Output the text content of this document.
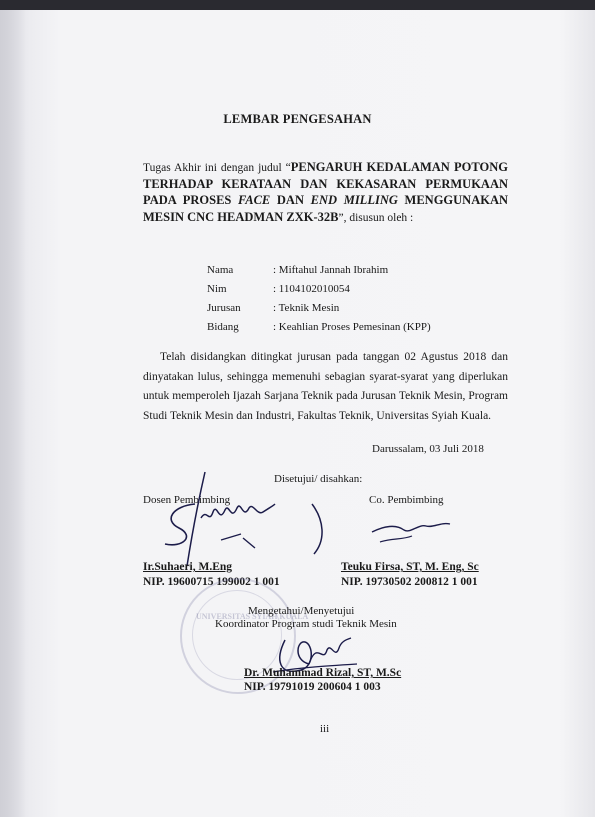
LEMBAR PENGESAHAN
Tugas Akhir ini dengan judul “PENGARUH KEDALAMAN POTONG TERHADAP KERATAAN DAN KEKASARAN PERMUKAAN PADA PROSES FACE DAN END MILLING MENGGUNAKAN MESIN CNC HEADMAN ZXK-32B”, disusun oleh :
Nama	: Miftahul Jannah Ibrahim
Nim	: 1104102010054
Jurusan	: Teknik Mesin
Bidang	: Keahlian Proses Pemesinan (KPP)
Telah disidangkan ditingkat jurusan pada tanggan 02 Agustus 2018 dan dinyatakan lulus, sehingga memenuhi sebagian syarat-syarat yang diperlukan untuk memperoleh Ijazah Sarjana Teknik pada Jurusan Teknik Mesin, Program Studi Teknik Mesin dan Industri, Fakultas Teknik, Universitas Syiah Kuala.
Darussalam, 03 Juli 2018
Disetujui/ disahkan:
Dosen Pembimbing	Co. Pembimbing
Ir.Suhaeri, M.Eng
NIP. 19600715 199002 1 001
Teuku Firsa, ST, M. Eng, Sc
NIP. 19730502 200812 1 001
UNIVERSITAS SYIAH KUALA
Mengetahui/Menyetujui
Koordinator Program studi Teknik Mesin
Dr. Muhammad Rizal, ST, M.Sc
NIP. 19791019 200604 1 003
iii
